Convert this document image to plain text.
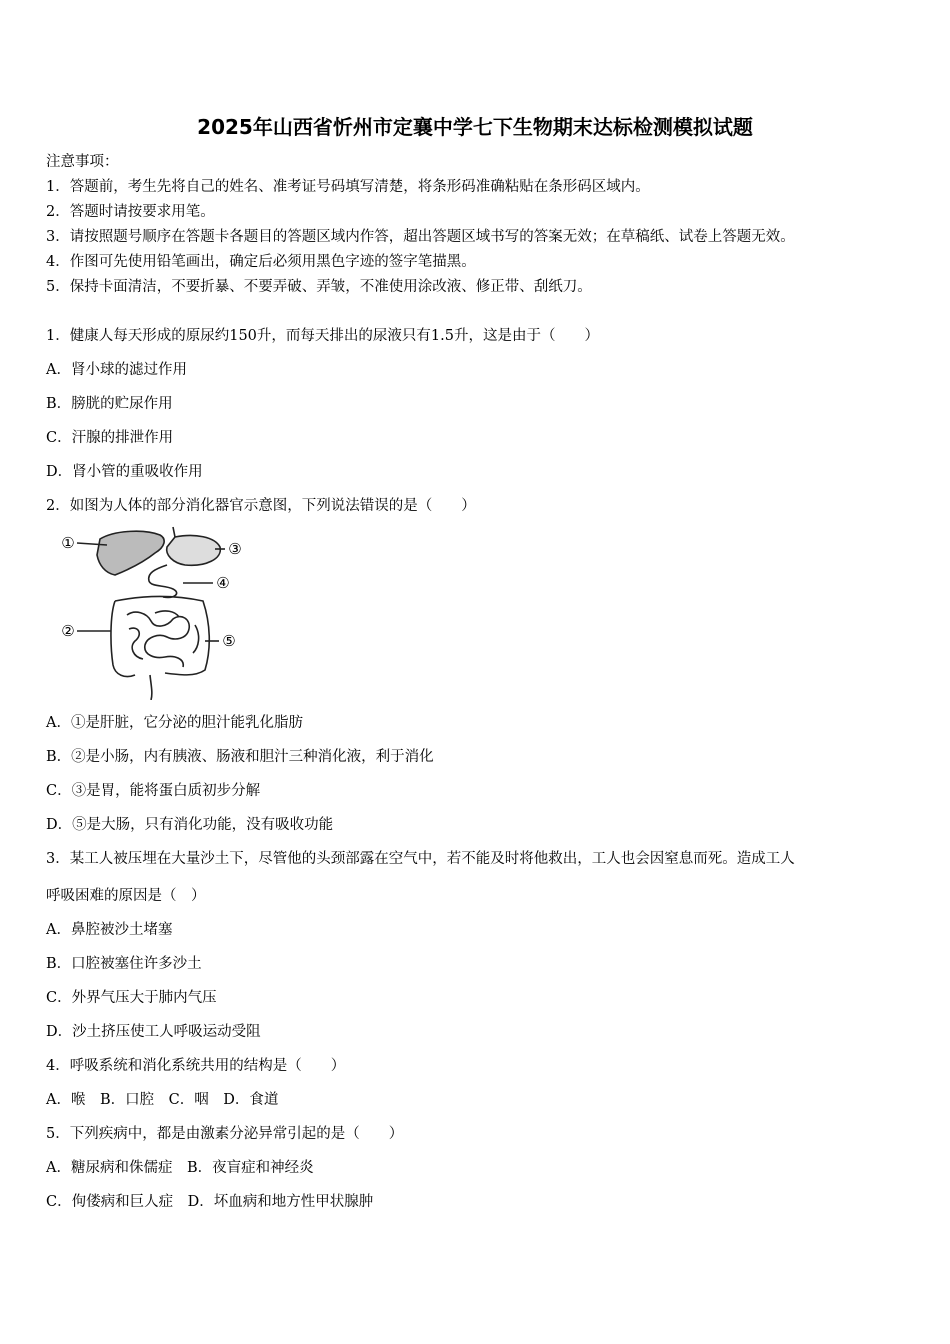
2025年山西省忻州市定襄中学七下生物期末达标检测模拟试题
注意事项：
1．答题前，考生先将自己的姓名、准考证号码填写清楚，将条形码准确粘贴在条形码区域内。
2．答题时请按要求用笔。
3．请按照题号顺序在答题卡各题目的答题区域内作答，超出答题区域书写的答案无效；在草稿纸、试卷上答题无效。
4．作图可先使用铅笔画出，确定后必须用黑色字迹的签字笔描黑。
5．保持卡面清洁，不要折暴、不要弄破、弄皱，不准使用涂改液、修正带、刮纸刀。
1．健康人每天形成的原尿约150升，而每天排出的尿液只有1.5升，这是由于（　　）
A．肾小球的滤过作用
B．膀胱的贮尿作用
C．汗腺的排泄作用
D．肾小管的重吸收作用
2．如图为人体的部分消化器官示意图，下列说法错误的是（　　）
①	③
④
②
⑤
A．①是肝脏，它分泌的胆汁能乳化脂肪
B．②是小肠，内有胰液、肠液和胆汁三种消化液，利于消化
C．③是胃，能将蛋白质初步分解
D．⑤是大肠，只有消化功能，没有吸收功能
3．某工人被压埋在大量沙土下，尽管他的头颈部露在空气中，若不能及时将他救出，工人也会因窒息而死。造成工人
呼吸困难的原因是（　）
A．鼻腔被沙土堵塞
B．口腔被塞住许多沙土
C．外界气压大于肺内气压
D．沙土挤压使工人呼吸运动受阻
4．呼吸系统和消化系统共用的结构是（　　）
A．喉　B．口腔　C．咽　D．食道
5．下列疾病中，都是由激素分泌异常引起的是（　　）
A．糖尿病和侏儒症　B．夜盲症和神经炎
C．佝偻病和巨人症　D．坏血病和地方性甲状腺肿
